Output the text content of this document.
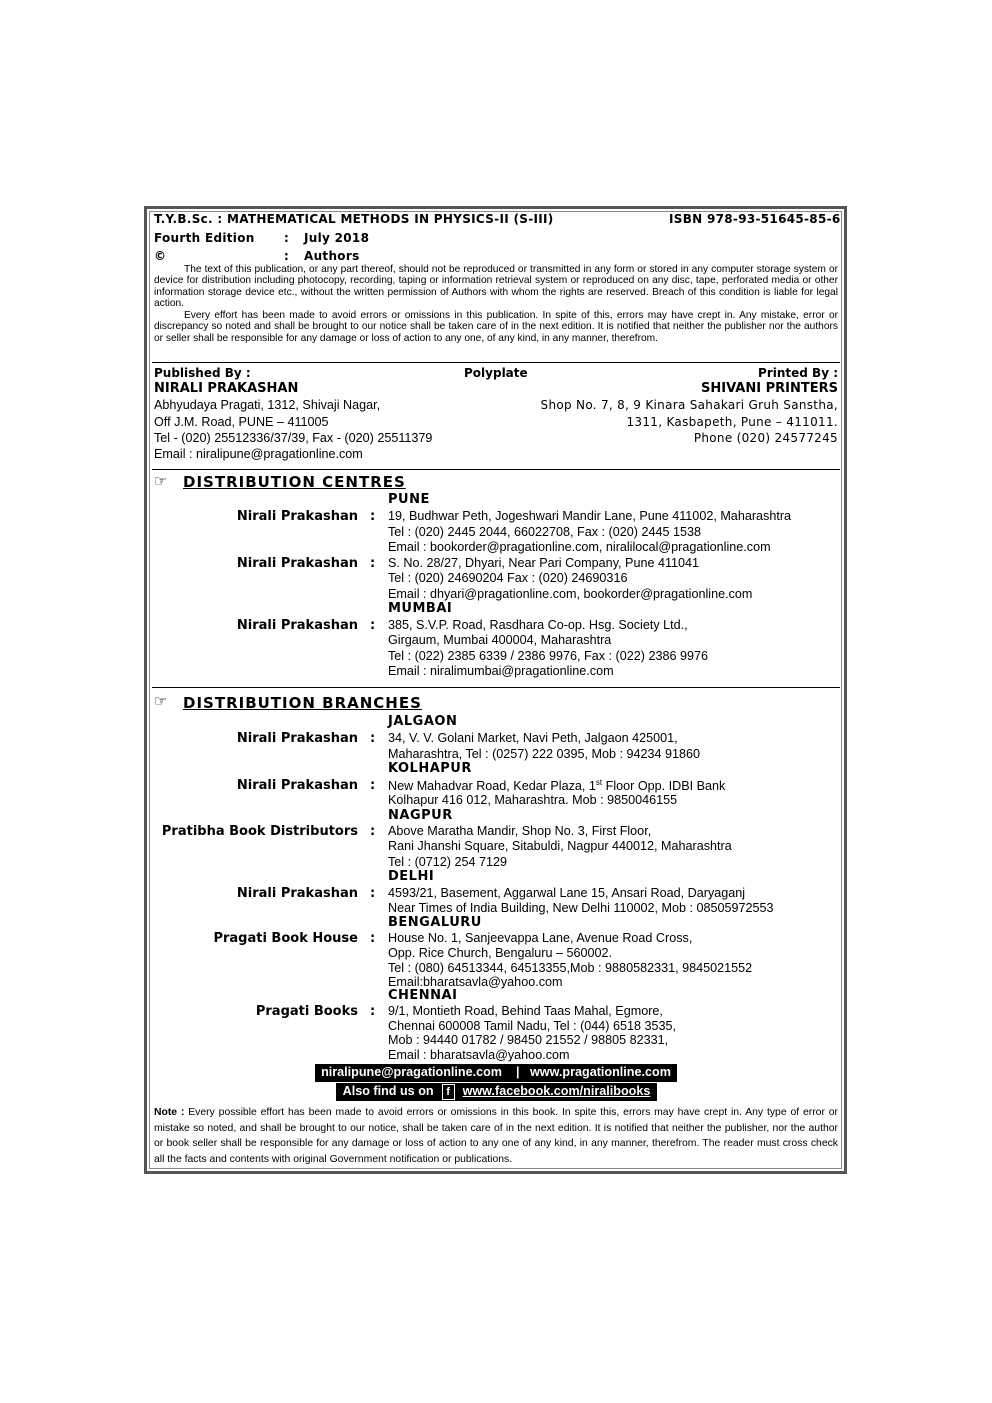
T.Y.B.Sc. : MATHEMATICAL METHODS IN PHYSICS-II (S-III)	ISBN 978-93-51645-85-6
Fourth Edition : July 2018
©	: Authors
The text of this publication, or any part thereof, should not be reproduced or transmitted in any form or stored in any computer storage system or device for distribution including photocopy, recording, taping or information retrieval system or reproduced on any disc, tape, perforated media or other information storage device etc., without the written permission of Authors with whom the rights are reserved. Breach of this condition is liable for legal action.
Every effort has been made to avoid errors or omissions in this publication. In spite of this, errors may have crept in. Any mistake, error or discrepancy so noted and shall be brought to our notice shall be taken care of in the next edition. It is notified that neither the publisher nor the authors or seller shall be responsible for any damage or loss of action to any one, of any kind, in any manner, therefrom.
Published By :
NIRALI PRAKASHAN
Abhyudaya Pragati, 1312, Shivaji Nagar,
Off J.M. Road, PUNE – 411005
Tel - (020) 25512336/37/39, Fax - (020) 25511379
Email : niralipune@pragationline.com
Polyplate	Printed By :
SHIVANI PRINTERS
Shop No. 7, 8, 9 Kinara Sahakari Gruh Sanstha,
1311, Kasbapeth, Pune – 411011.
Phone (020) 24577245
☞ DISTRIBUTION CENTRES
PUNE
Nirali Prakashan : 19, Budhwar Peth, Jogeshwari Mandir Lane, Pune 411002, Maharashtra
Tel : (020) 2445 2044, 66022708, Fax : (020) 2445 1538
Email : bookorder@pragationline.com, niralilocal@pragationline.com
Nirali Prakashan : S. No. 28/27, Dhyari, Near Pari Company, Pune 411041
Tel : (020) 24690204 Fax : (020) 24690316
Email : dhyari@pragationline.com, bookorder@pragationline.com
MUMBAI
Nirali Prakashan : 385, S.V.P. Road, Rasdhara Co-op. Hsg. Society Ltd.,
Girgaum, Mumbai 400004, Maharashtra
Tel : (022) 2385 6339 / 2386 9976, Fax : (022) 2386 9976
Email : niralimumbai@pragationline.com
☞ DISTRIBUTION BRANCHES
JALGAON
Nirali Prakashan : 34, V. V. Golani Market, Navi Peth, Jalgaon 425001,
Maharashtra, Tel : (0257) 222 0395, Mob : 94234 91860
KOLHAPUR
Nirali Prakashan : New Mahadvar Road, Kedar Plaza, 1st Floor Opp. IDBI Bank
Kolhapur 416 012, Maharashtra. Mob : 9850046155
NAGPUR
Pratibha Book Distributors : Above Maratha Mandir, Shop No. 3, First Floor,
Rani Jhanshi Square, Sitabuldi, Nagpur 440012, Maharashtra
Tel : (0712) 254 7129
DELHI
Nirali Prakashan : 4593/21, Basement, Aggarwal Lane 15, Ansari Road, Daryaganj
Near Times of India Building, New Delhi 110002, Mob : 08505972553
BENGALURU
Pragati Book House : House No. 1, Sanjeevappa Lane, Avenue Road Cross,
Opp. Rice Church, Bengaluru – 560002.
Tel : (080) 64513344, 64513355,Mob : 9880582331, 9845021552
Email:bharatsavla@yahoo.com
CHENNAI
Pragati Books : 9/1, Montieth Road, Behind Taas Mahal, Egmore,
Chennai 600008 Tamil Nadu, Tel : (044) 6518 3535,
Mob : 94440 01782 / 98450 21552 / 98805 82331,
Email : bharatsavla@yahoo.com
niralipune@pragationline.com    |   www.pragationline.com
Also find us on f www.facebook.com/niralibooks
Note : Every possible effort has been made to avoid errors or omissions in this book. In spite this, errors may have crept in. Any type of error or mistake so noted, and shall be brought to our notice, shall be taken care of in the next edition. It is notified that neither the publisher, nor the author or book seller shall be responsible for any damage or loss of action to any one of any kind, in any manner, therefrom. The reader must cross check all the facts and contents with original Government notification or publications.
